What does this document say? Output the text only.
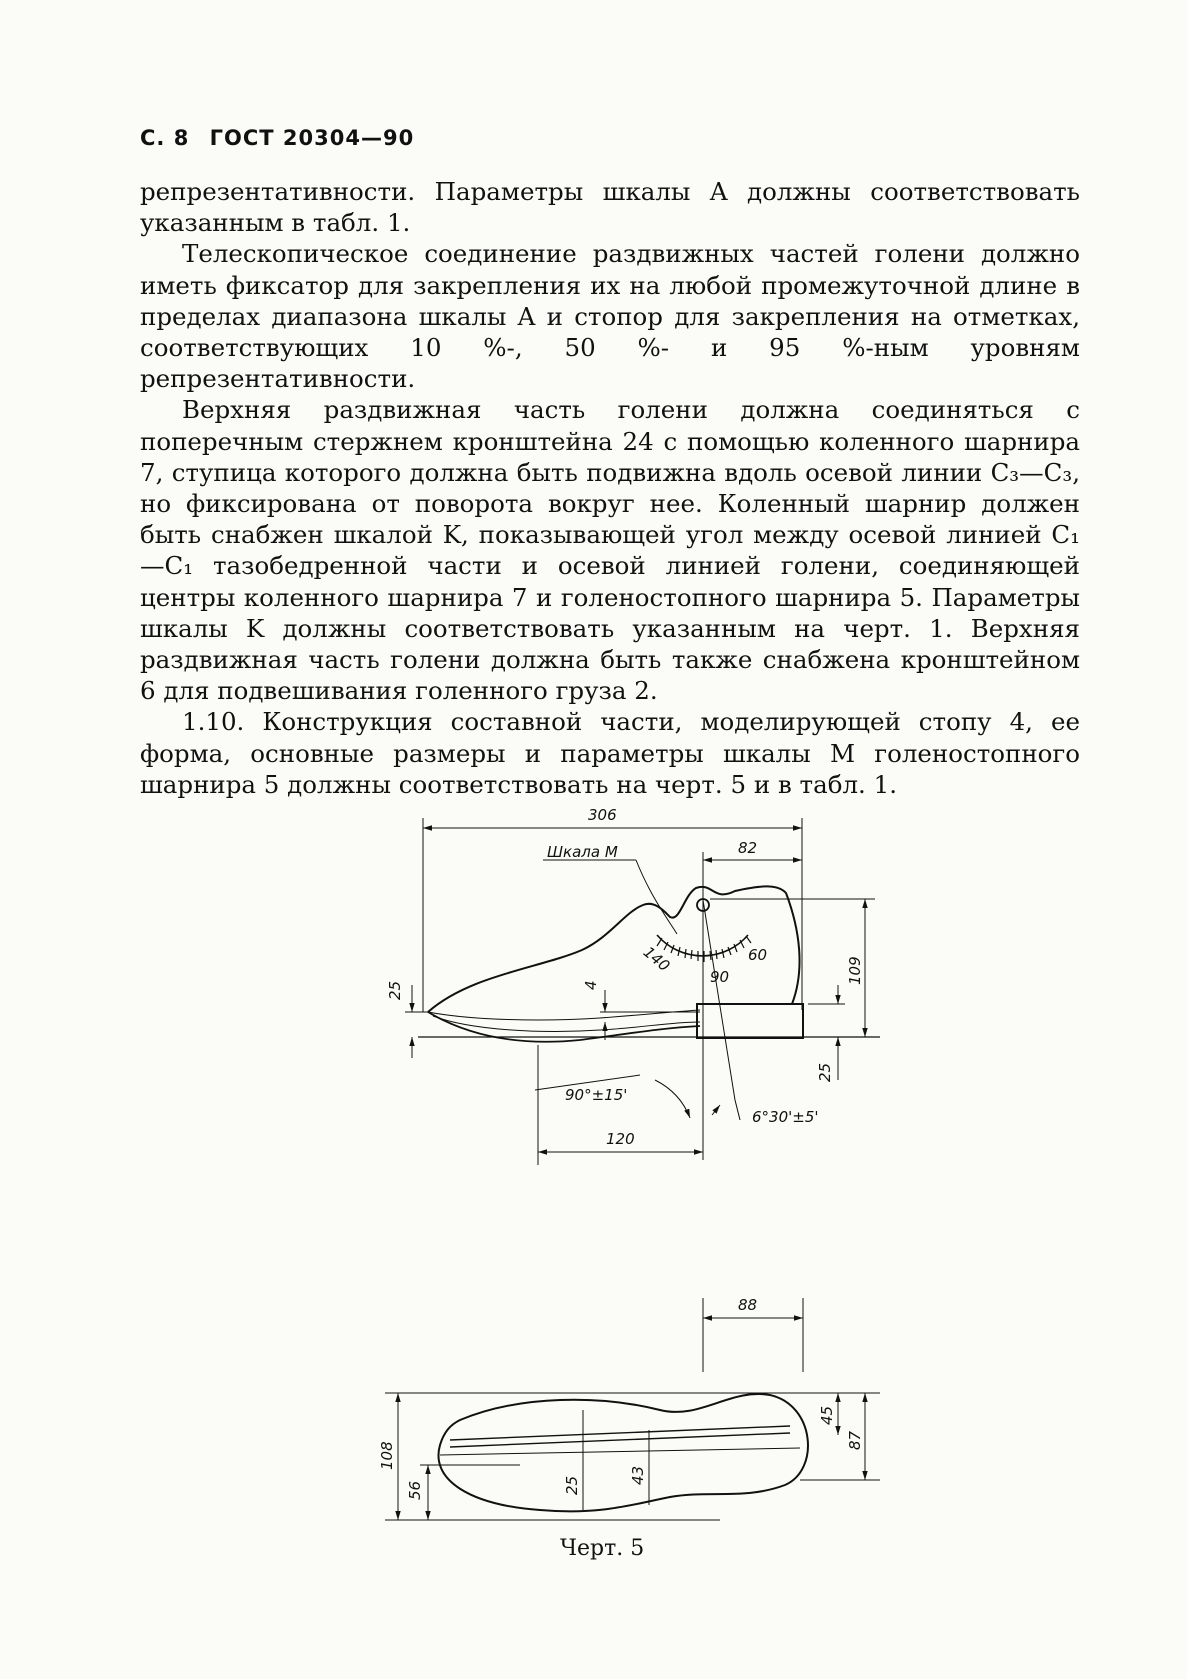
С. 8 ГОСТ 20304—90

репрезентативности. Параметры шкалы A должны соответствовать указанным в табл. 1.

Телескопическое соединение раздвижных частей голени должно иметь фиксатор для закрепления их на любой промежуточной длине в пределах диапазона шкалы A и стопор для закрепления на отметках, соответствующих 10 %-, 50 %- и 95 %-ным уровням репрезентативности.

Верхняя раздвижная часть голени должна соединяться с поперечным стержнем кронштейна 24 с помощью коленного шарнира 7, ступица которого должна быть подвижна вдоль осевой линии C₃—C₃, но фиксирована от поворота вокруг нее. Коленный шарнир должен быть снабжен шкалой K, показывающей угол между осевой линией C₁—C₁ тазобедренной части и осевой линией голени, соединяющей центры коленного шарнира 7 и голеностопного шарнира 5. Параметры шкалы K должны соответствовать указанным на черт. 1. Верхняя раздвижная часть голени должна быть также снабжена кронштейном 6 для подвешивания голенного груза 2.

1.10. Конструкция составной части, моделирующей стопу 4, ее форма, основные размеры и параметры шкалы M голеностопного шарнира 5 должны соответствовать на черт. 5 и в табл. 1.

306
82
Шкала М
140
90
60
109
25	4
25
90°±15'
6°30'±5'
120
88
45
87
108
56	25
43
Черт. 5
